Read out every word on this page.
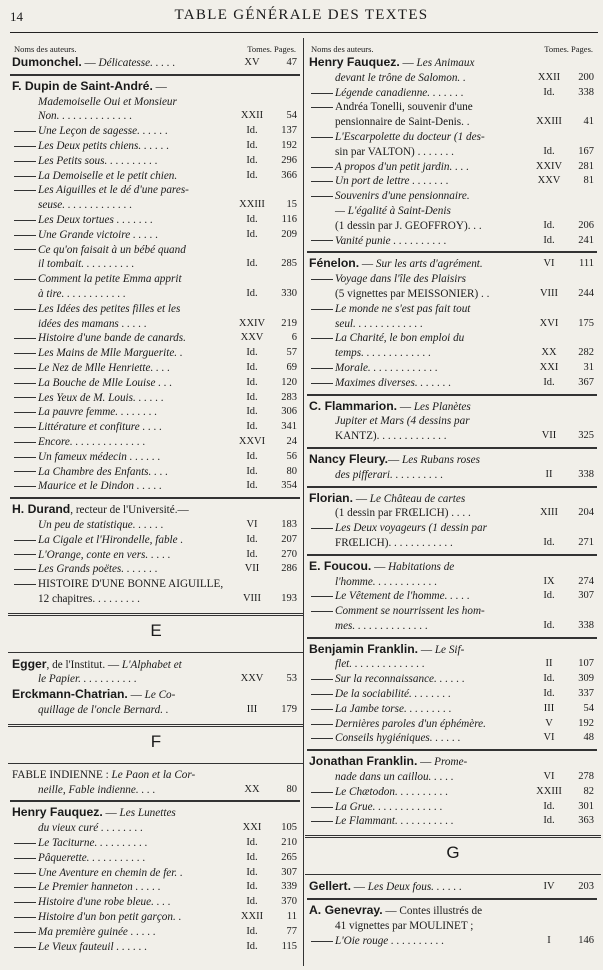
14	TABLE GÉNÉRALE DES TEXTES
Noms des auteurs.	Tomes. Pages.
Dumonchel. — Délicatesse. . . . .	XV	47
F. Dupin de Saint-André. —
Mademoiselle Oui et Monsieur
Non. . . . . . . . . . . . . .	XXII	54
Une Leçon de sagesse. . . . . .	Id.	137
Les Deux petits chiens. . . . . .	Id.	192
Les Petits sous. . . . . . . . . .	Id.	296
La Demoiselle et le petit chien.	Id.	366
Les Aiguilles et le dé d'une pares-
seuse. . . . . . . . . . . . .	XXIII	15
Les Deux tortues . . . . . . .	Id.	116
Une Grande victoire . . . . .	Id.	209
Ce qu'on faisait à un bébé quand
il tombait. . . . . . . . . .	Id.	285
Comment la petite Emma apprit
à tire. . . . . . . . . . . .	Id.	330
Les Idées des petites filles et les
idées des mamans . . . . .	XXIV	219
Histoire d'une bande de canards.	XXV	6
Les Mains de Mlle Marguerite. .	Id.	57
Le Nez de Mlle Henriette. . . .	Id.	69
La Bouche de Mlle Louise . . .	Id.	120
Les Yeux de M. Louis. . . . . .	Id.	283
La pauvre femme. . . . . . . .	Id.	306
Littérature et confiture . . . .	Id.	341
Encore. . . . . . . . . . . . . .	XXVI	24
Un fameux médecin . . . . . .	Id.	56
La Chambre des Enfants. . . .	Id.	80
Maurice et le Dindon . . . . .	Id.	354
H. Durand, recteur de l'Université.—
Un peu de statistique. . . . . .	VI	183
La Cigale et l'Hirondelle, fable .	Id.	207
L'Orange, conte en vers. . . . .	Id.	270
Les Grands poëtes. . . . . . .	VII	286
HISTOIRE D'UNE BONNE AIGUILLE,
12 chapitres. . . . . . . . .	VIII	193
E
Egger, de l'Institut. — L'Alphabet et
le Papier. . . . . . . . . . .	XXV	53
Erckmann-Chatrian. — Le Co-
quillage de l'oncle Bernard. .	III	179
F
FABLE INDIENNE : Le Paon et la Cor-
neille, Fable indienne. . . .	XX	80
Henry Fauquez. — Les Lunettes
du vieux curé . . . . . . . .	XXI	105
Le Taciturne. . . . . . . . . .	Id.	210
Pâquerette. . . . . . . . . . .	Id.	265
Une Aventure en chemin de fer. .	Id.	307
Le Premier hanneton . . . . .	Id.	339
Histoire d'une robe bleue. . . .	Id.	370
Histoire d'un bon petit garçon. .	XXII	11
Ma première guinée . . . . .	Id.	77
Le Vieux fauteuil . . . . . .	Id.	115
Noms des auteurs.	Tomes. Pages.
Henry Fauquez. — Les Animaux
devant le trône de Salomon. .	XXII	200
Légende canadienne. . . . . . .	Id.	338
Andréa Tonelli, souvenir d'une
pensionnaire de Saint-Denis. .	XXIII	41
L'Escarpolette du docteur (1 des-
sin par VALTON) . . . . . . .	Id.	167
A propos d'un petit jardin. . . .	XXIV	281
Un port de lettre . . . . . . .	XXV	81
Souvenirs d'une pensionnaire.
— L'égalité à Saint-Denis
(1 dessin par J. GEOFFROY). . .	Id.	206
Vanité punie . . . . . . . . . .	Id.	241
Fénelon. — Sur les arts d'agrément.	VI	111
Voyage dans l'île des Plaisirs
(5 vignettes par MEISSONIER) . .	VIII	244
Le monde ne s'est pas fait tout
seul. . . . . . . . . . . . .	XVI	175
La Charité, le bon emploi du
temps. . . . . . . . . . . . .	XX	282
Morale. . . . . . . . . . . . .	XXI	31
Maximes diverses. . . . . . .	Id.	367
C. Flammarion. — Les Planètes
Jupiter et Mars (4 dessins par
KANTZ). . . . . . . . . . . . .	VII	325
Nancy Fleury.— Les Rubans roses
des pifferari. . . . . . . . . .	II	338
Florian. — Le Château de cartes
(1 dessin par FRŒLICH) . . . .	XIII	204
Les Deux voyageurs (1 dessin par
FRŒLICH). . . . . . . . . . . .	Id.	271
E. Foucou. — Habitations de
l'homme. . . . . . . . . . . .	IX	274
Le Vêtement de l'homme. . . . .	Id.	307
Comment se nourrissent les hom-
mes. . . . . . . . . . . . . .	Id.	338
Benjamin Franklin. — Le Sif-
flet. . . . . . . . . . . . . .	II	107
Sur la reconnaissance. . . . . .	Id.	309
De la sociabilité. . . . . . . .	Id.	337
La Jambe torse. . . . . . . . .	III	54
Dernières paroles d'un éphémère.	V	192
Conseils hygiéniques. . . . . .	VI	48
Jonathan Franklin. — Prome-
nade dans un caillou. . . . .	VI	278
Le Chætodon. . . . . . . . . .	XXIII	82
La Grue. . . . . . . . . . . . .	Id.	301
Le Flammant. . . . . . . . . . .	Id.	363
G
Gellert. — Les Deux fous. . . . . .	IV	203
A. Genevray. — Contes illustrés de
41 vignettes par MOULINET ;
L'Oie rouge . . . . . . . . . .	I	146
